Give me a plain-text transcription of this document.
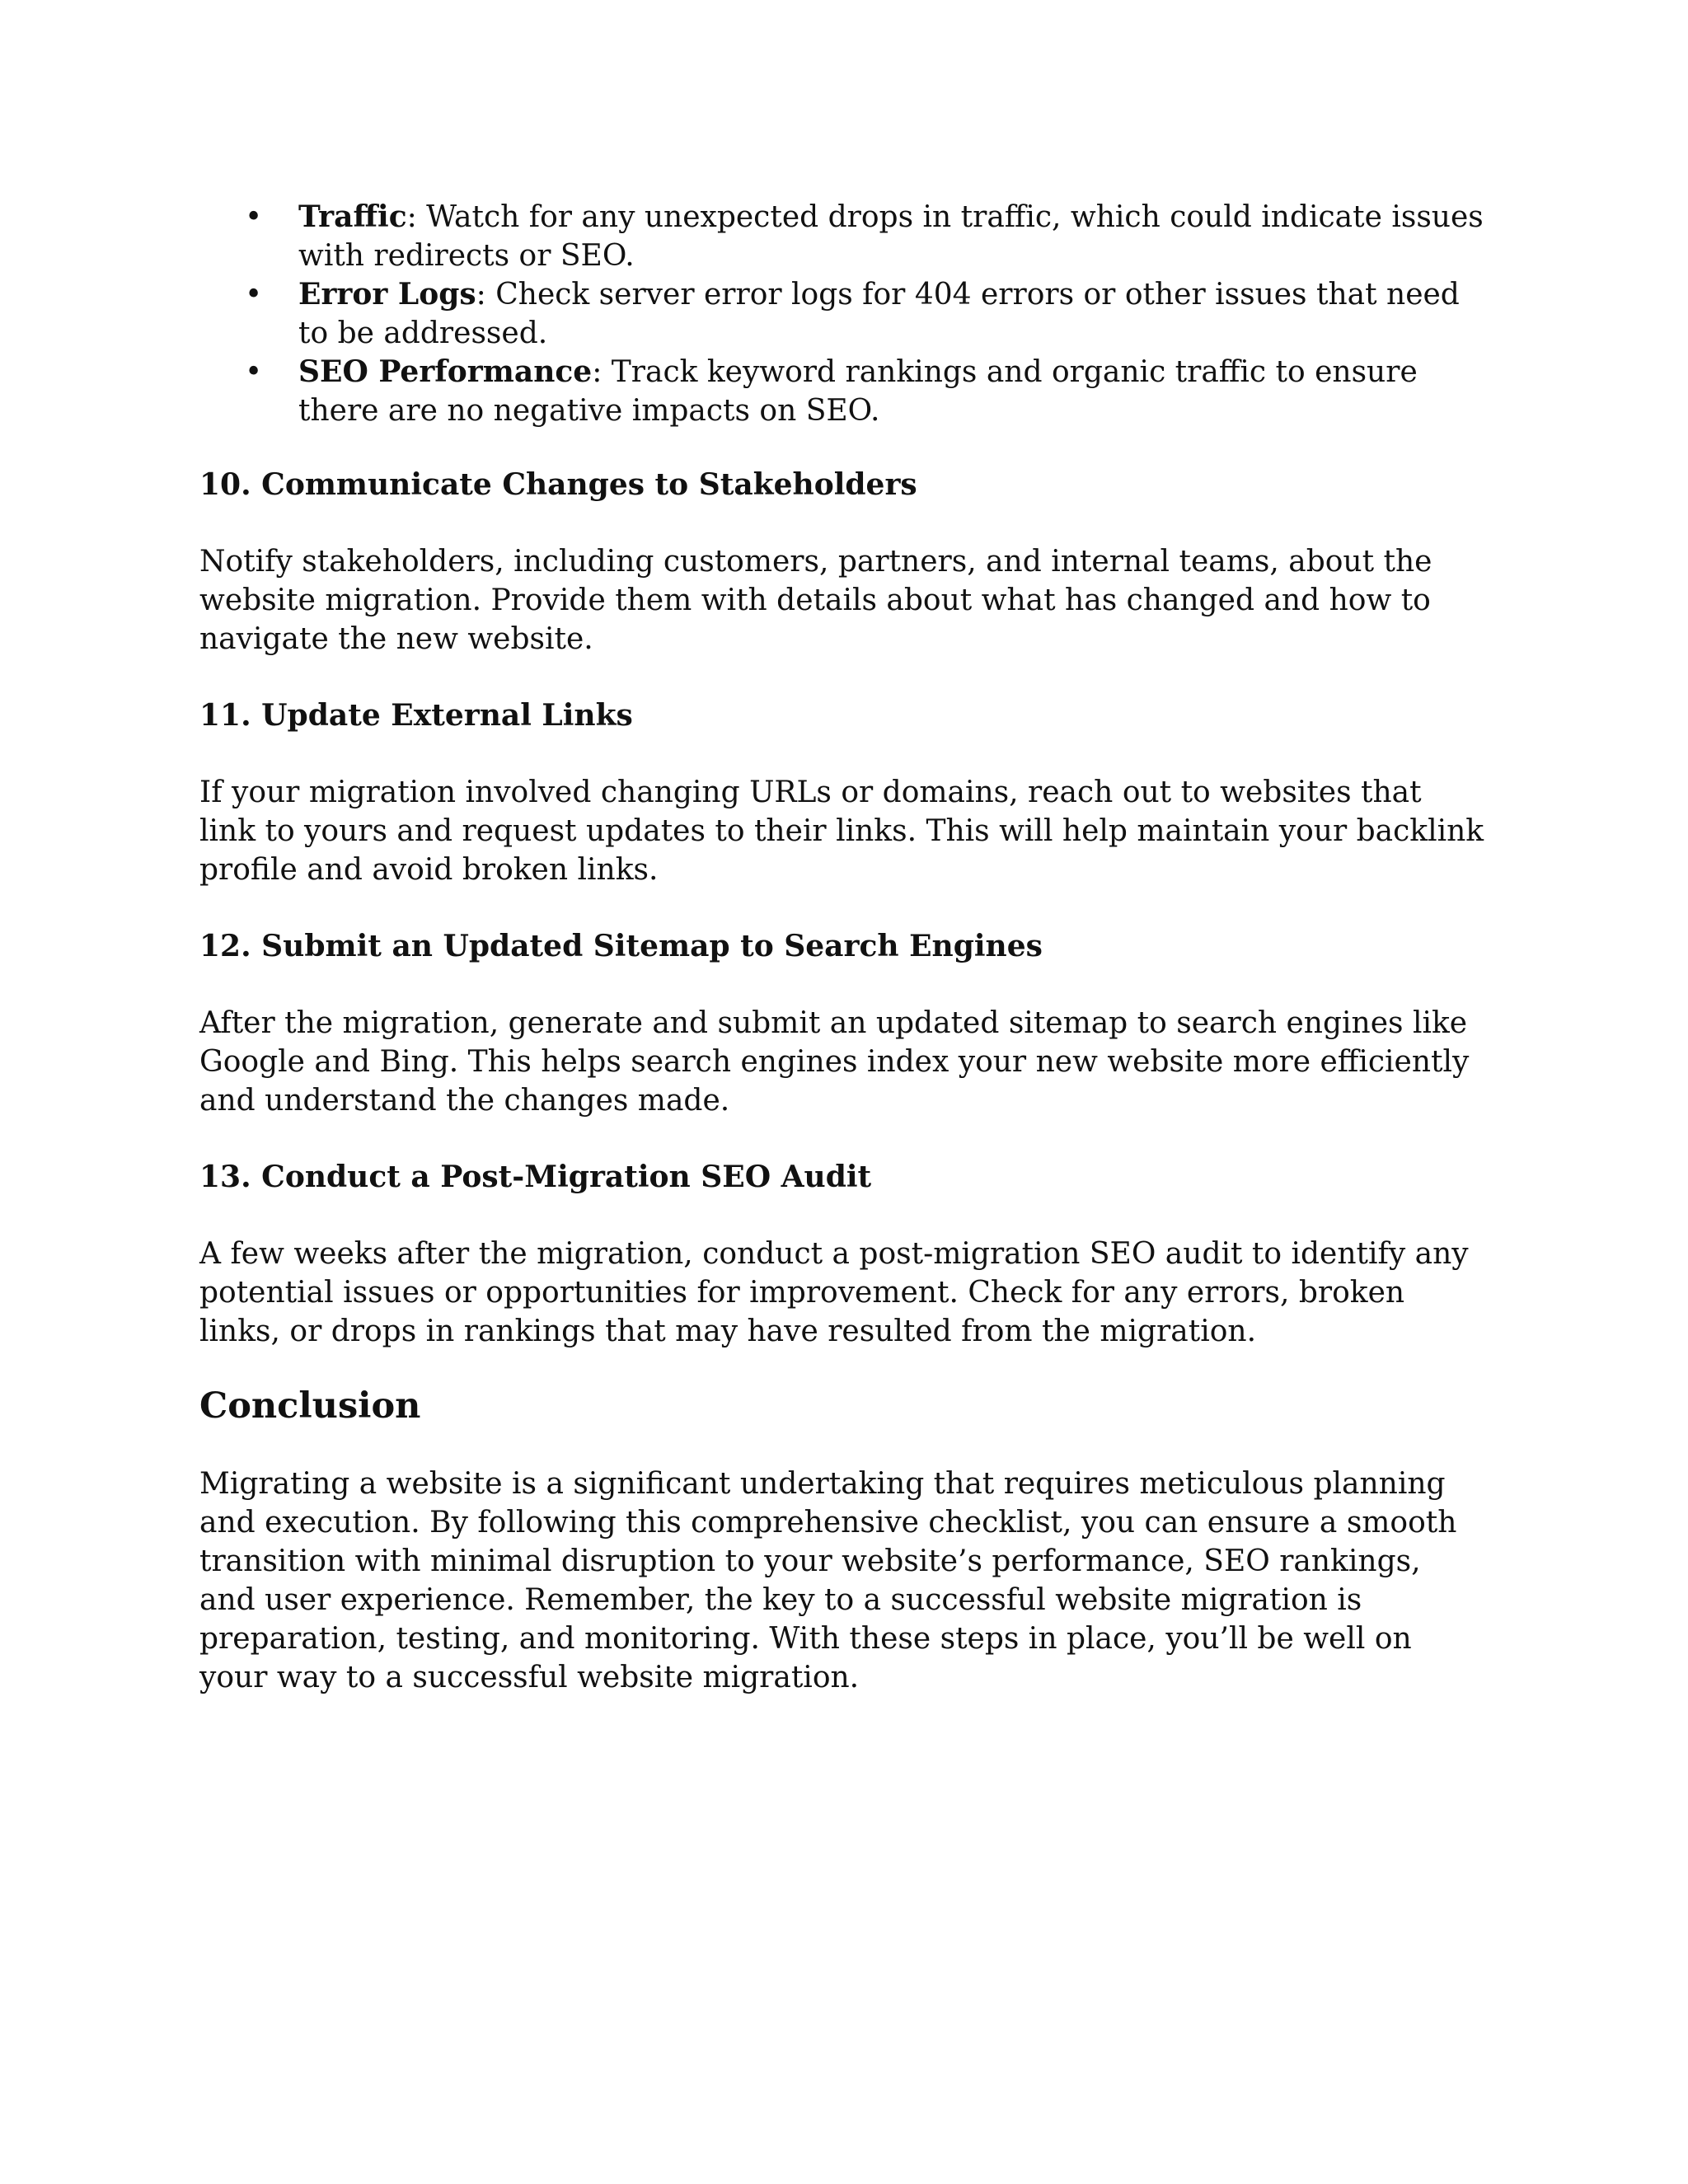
• Traffic: Watch for any unexpected drops in traffic, which could indicate issues with redirects or SEO.
• Error Logs: Check server error logs for 404 errors or other issues that need to be addressed.
• SEO Performance: Track keyword rankings and organic traffic to ensure there are no negative impacts on SEO.
10. Communicate Changes to Stakeholders

Notify stakeholders, including customers, partners, and internal teams, about the website migration. Provide them with details about what has changed and how to navigate the new website.

11. Update External Links

If your migration involved changing URLs or domains, reach out to websites that link to yours and request updates to their links. This will help maintain your backlink profile and avoid broken links.

12. Submit an Updated Sitemap to Search Engines

After the migration, generate and submit an updated sitemap to search engines like Google and Bing. This helps search engines index your new website more efficiently and understand the changes made.

13. Conduct a Post-Migration SEO Audit

A few weeks after the migration, conduct a post-migration SEO audit to identify any potential issues or opportunities for improvement. Check for any errors, broken links, or drops in rankings that may have resulted from the migration.

Conclusion

Migrating a website is a significant undertaking that requires meticulous planning and execution. By following this comprehensive checklist, you can ensure a smooth transition with minimal disruption to your website’s performance, SEO rankings, and user experience. Remember, the key to a successful website migration is preparation, testing, and monitoring. With these steps in place, you’ll be well on your way to a successful website migration.
